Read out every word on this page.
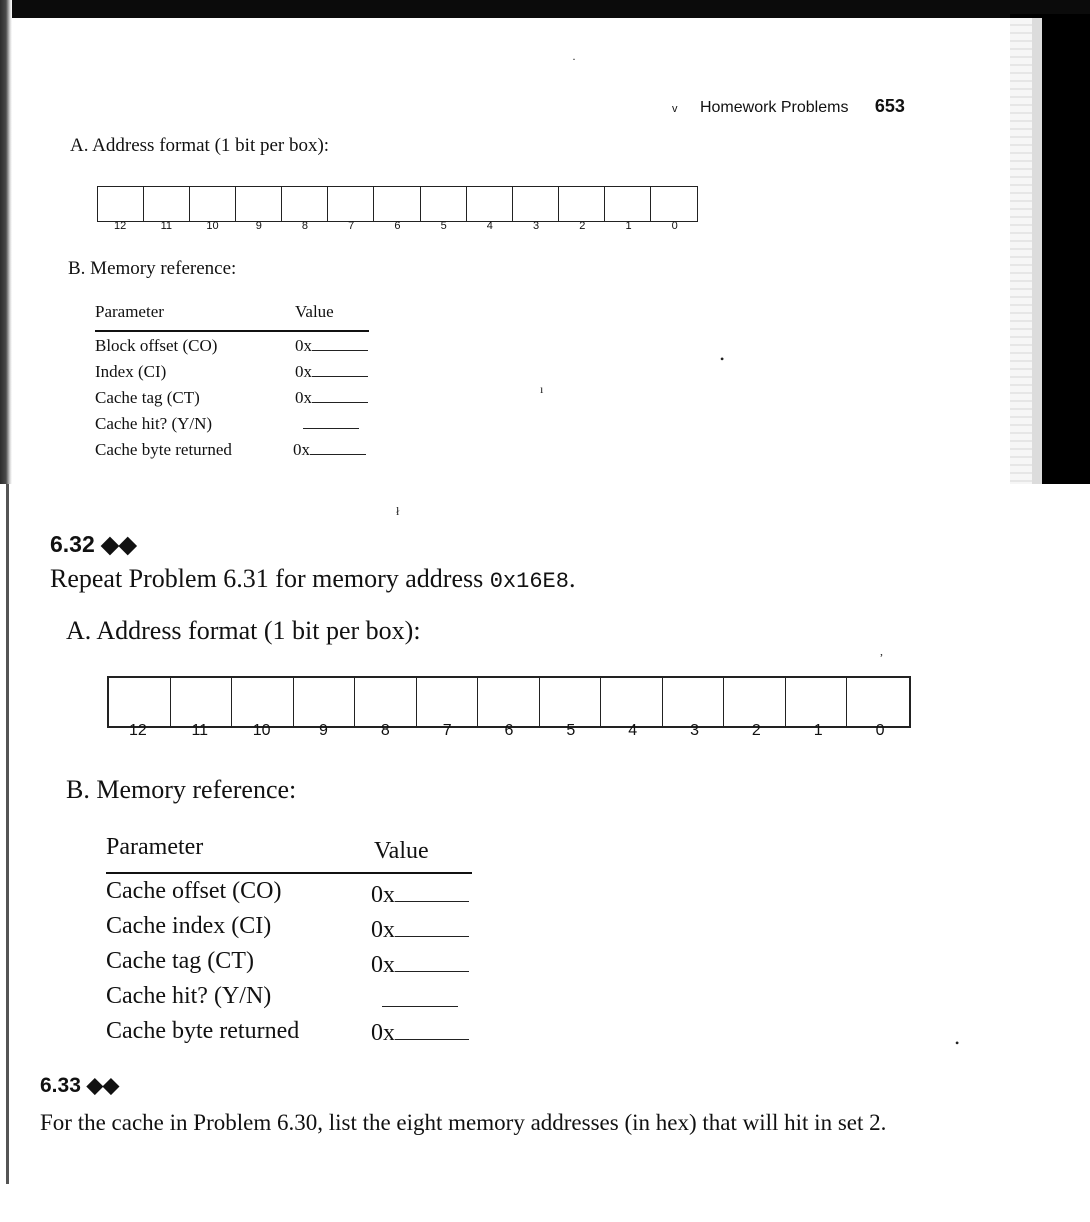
v Homework Problems 653
A. Address format (1 bit per box):
12	11	10	9	8	7	6	5	4	3	2	1	0
B. Memory reference:
Parameter	Value
Block offset (CO)	0x
Index (CI)	0x
Cache tag (CT)	0x
Cache hit? (Y/N)
Cache byte returned	0x
6.32 ◆◆
Repeat Problem 6.31 for memory address 0x16E8.
A. Address format (1 bit per box):
12	11	10	9	8	7	6	5	4	3	2	1	0
B. Memory reference:
Parameter	Value
Cache offset (CO)	0x
Cache index (CI)	0x
Cache tag (CT)	0x
Cache hit? (Y/N)
Cache byte returned	0x
6.33 ◆◆
For the cache in Problem 6.30, list the eight memory addresses (in hex) that will hit in set 2.
·
•
ı
ł
,
•
